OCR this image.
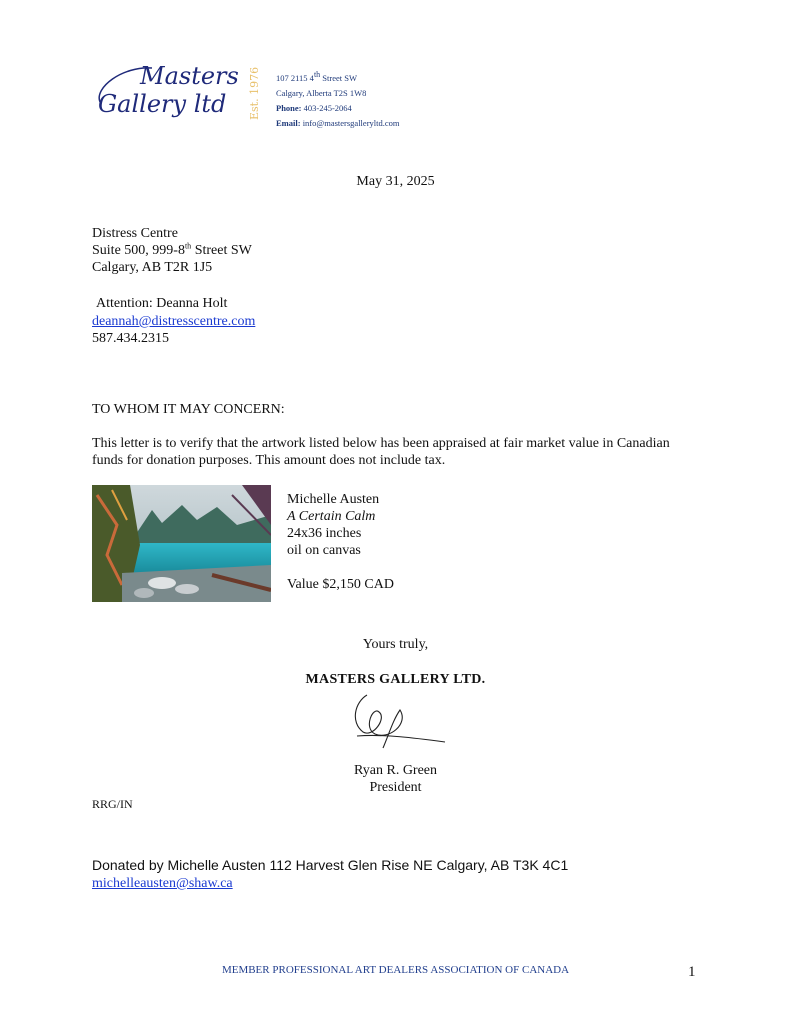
Masters
Gallery ltd Est. 1976 107 2115 4th Street SW
Calgary, Alberta T2S 1W8
Phone: 403-245-2064
Email: info@mastersgalleryltd.com
May 31, 2025
Distress Centre
Suite 500, 999-8th Street SW
Calgary, AB T2R 1J5
Attention: Deanna Holt
deannah@distresscentre.com
587.434.2315
TO WHOM IT MAY CONCERN:
This letter is to verify that the artwork listed below has been appraised at fair market value in Canadian
funds for donation purposes. This amount does not include tax.
Michelle Austen
A Certain Calm
24x36 inches
oil on canvas
Value $2,150 CAD
Yours truly,
MASTERS GALLERY LTD.
Ryan R. Green
President
RRG/IN
Donated by Michelle Austen 112 Harvest Glen Rise NE Calgary, AB T3K 4C1
michelleausten@shaw.ca
MEMBER PROFESSIONAL ART DEALERS ASSOCIATION OF CANADA	1
